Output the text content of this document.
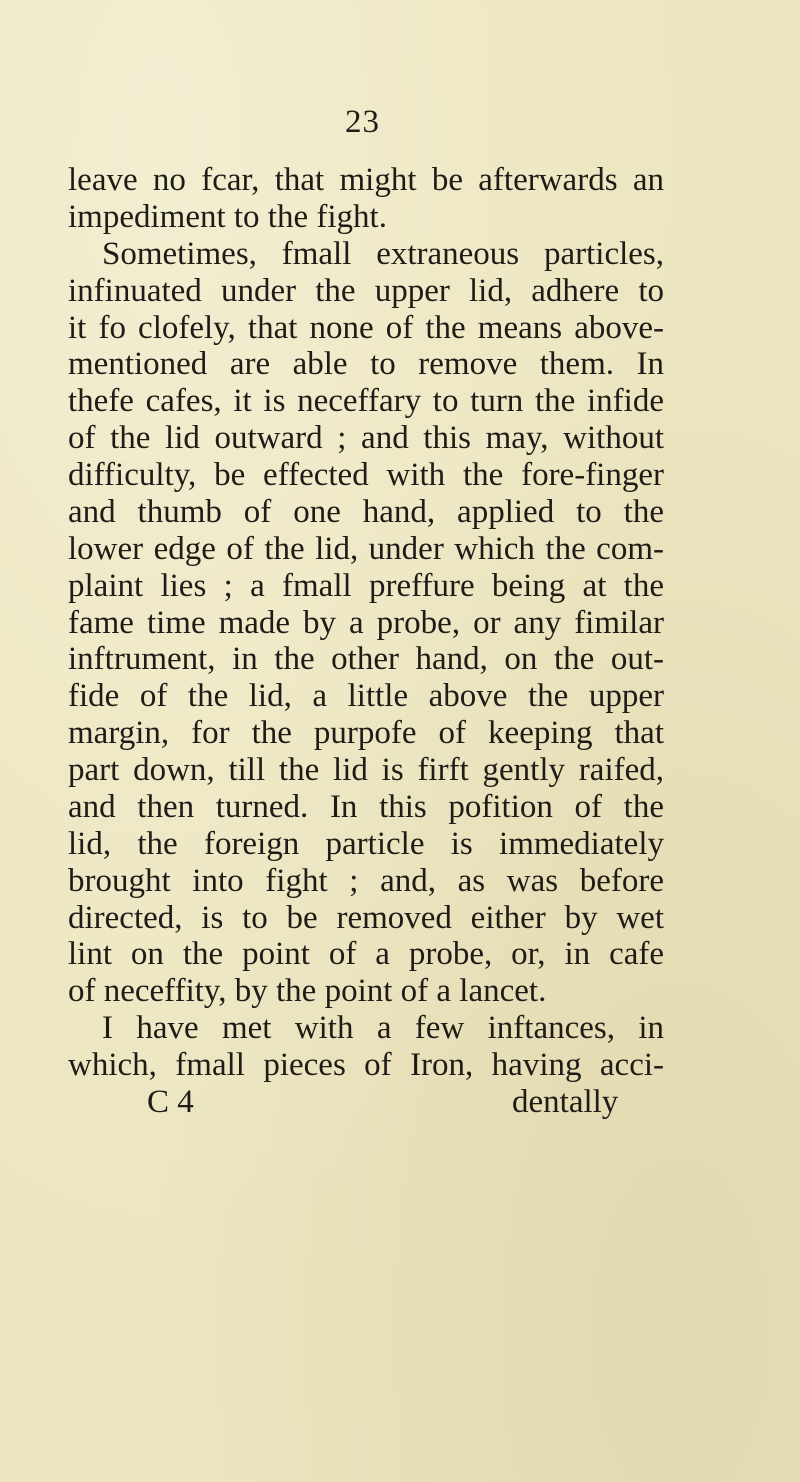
23
leave no fcar, that might be afterwards an
impediment to the fight.
Sometimes, fmall extraneous particles,
infinuated under the upper lid, adhere to
it fo clofely, that none of the means above-
mentioned are able to remove them. In
thefe cafes, it is neceffary to turn the infide
of the lid outward ; and this may, without
difficulty, be effected with the fore-finger
and thumb of one hand, applied to the
lower edge of the lid, under which the com-
plaint lies ; a fmall preffure being at the
fame time made by a probe, or any fimilar
inftrument, in the other hand, on the out-
fide of the lid, a little above the upper
margin, for the purpofe of keeping that
part down, till the lid is firft gently raifed,
and then turned. In this pofition of the
lid, the foreign particle is immediately
brought into fight ; and, as was before
directed, is to be removed either by wet
lint on the point of a probe, or, in cafe
of neceffity, by the point of a lancet.
I have met with a few inftances, in
which, fmall pieces of Iron, having acci-
C 4	dentally
